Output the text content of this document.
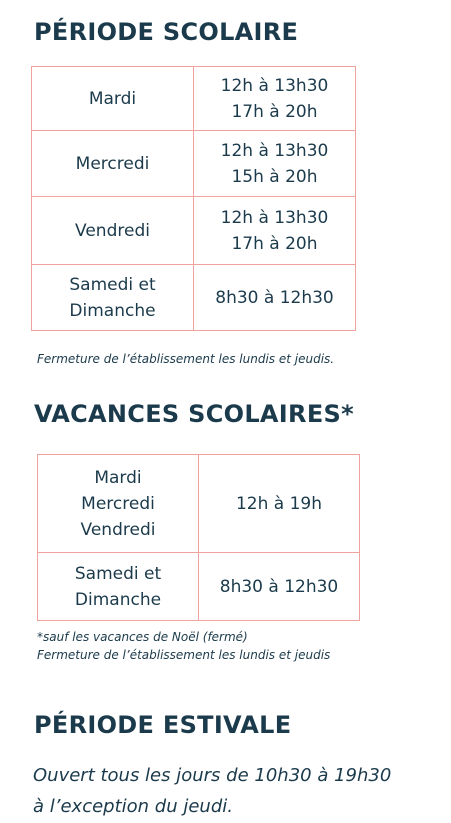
PÉRIODE SCOLAIRE
Mardi	12h à 13h30
17h à 20h

Mercredi	12h à 13h30
15h à 20h

Vendredi	12h à 13h30
17h à 20h

Samedi et
Dimanche	8h30 à 12h30
Fermeture de l’établissement les lundis et jeudis.
VACANCES SCOLAIRES*
Mardi
Mercredi
Vendredi	12h à 19h

Samedi et
Dimanche	8h30 à 12h30
*sauf les vacances de Noël (fermé)
Fermeture de l’établissement les lundis et jeudis
PÉRIODE ESTIVALE
Ouvert tous les jours de 10h30 à 19h30
à l’exception du jeudi.
